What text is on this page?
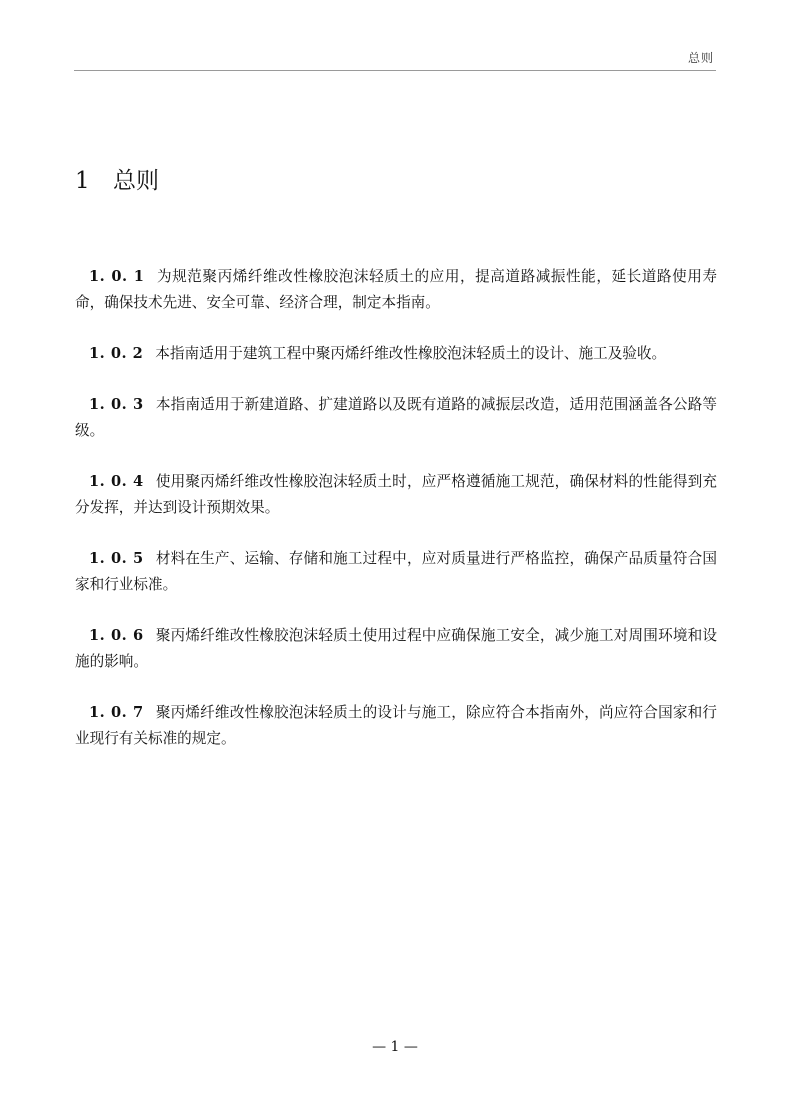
总则
1 总则

1. 0. 1 为规范聚丙烯纤维改性橡胶泡沫轻质土的应用，提高道路减振性能，延长道路使用寿命，确保技术先进、安全可靠、经济合理，制定本指南。

1. 0. 2 本指南适用于建筑工程中聚丙烯纤维改性橡胶泡沫轻质土的设计、施工及验收。

1. 0. 3 本指南适用于新建道路、扩建道路以及既有道路的减振层改造，适用范围涵盖各公路等级。

1. 0. 4 使用聚丙烯纤维改性橡胶泡沫轻质土时，应严格遵循施工规范，确保材料的性能得到充分发挥，并达到设计预期效果。

1. 0. 5 材料在生产、运输、存储和施工过程中，应对质量进行严格监控，确保产品质量符合国家和行业标准。

1. 0. 6 聚丙烯纤维改性橡胶泡沫轻质土使用过程中应确保施工安全，减少施工对周围环境和设施的影响。

1. 0. 7 聚丙烯纤维改性橡胶泡沫轻质土的设计与施工，除应符合本指南外，尚应符合国家和行业现行有关标准的规定。

— 1 —
